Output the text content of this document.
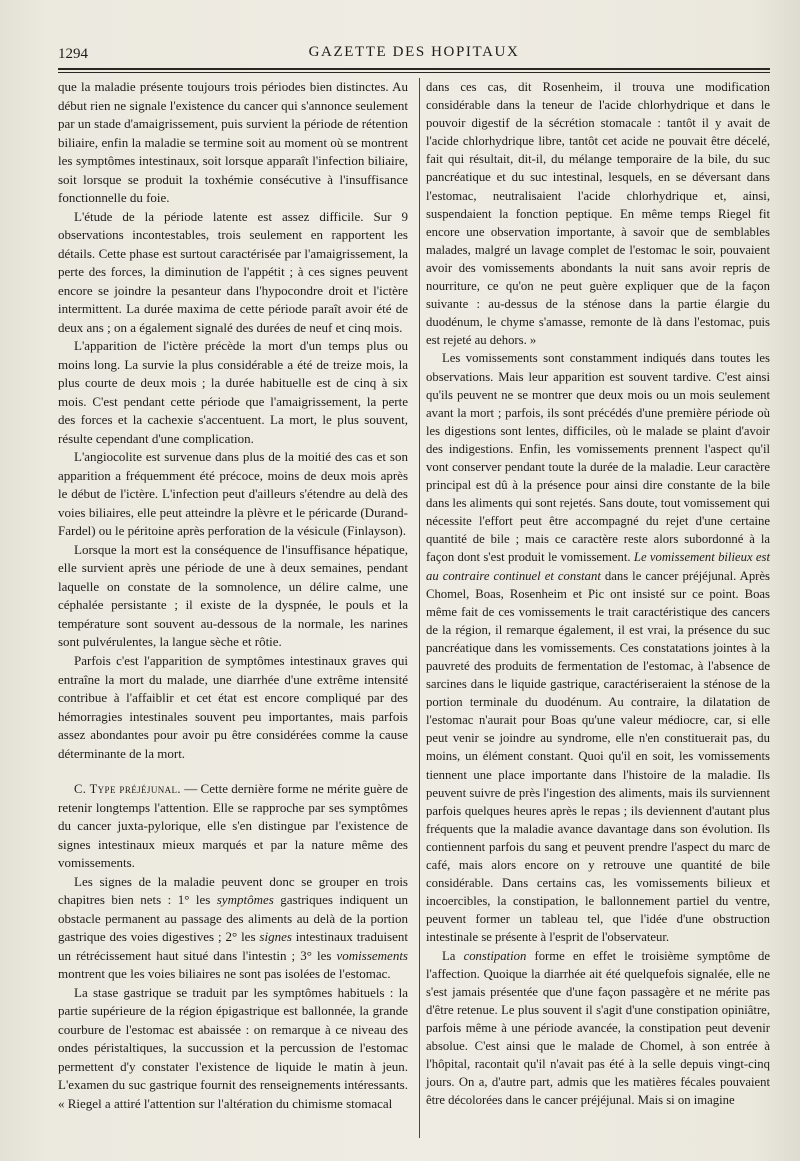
1294	GAZETTE DES HOPITAUX

que la maladie présente toujours trois périodes bien distinctes. Au début rien ne signale l'existence du cancer qui s'annonce seulement par un stade d'amaigrissement, puis survient la période de rétention biliaire, enfin la maladie se termine soit au moment où se montrent les symptômes intestinaux, soit lorsque apparaît l'infection biliaire, soit lorsque se produit la toxhémie consécutive à l'insuffisance fonctionnelle du foie.

L'étude de la période latente est assez difficile. Sur 9 observations incontestables, trois seulement en rapportent les détails. Cette phase est surtout caractérisée par l'amaigrissement, la perte des forces, la diminution de l'appétit ; à ces signes peuvent encore se joindre la pesanteur dans l'hypocondre droit et l'ictère intermittent. La durée maxima de cette période paraît avoir été de deux ans ; on a également signalé des durées de neuf et cinq mois.

L'apparition de l'ictère précède la mort d'un temps plus ou moins long. La survie la plus considérable a été de treize mois, la plus courte de deux mois ; la durée habituelle est de cinq à six mois. C'est pendant cette période que l'amaigrissement, la perte des forces et la cachexie s'accentuent. La mort, le plus souvent, résulte cependant d'une complication.

L'angiocolite est survenue dans plus de la moitié des cas et son apparition a fréquemment été précoce, moins de deux mois après le début de l'ictère. L'infection peut d'ailleurs s'étendre au delà des voies biliaires, elle peut atteindre la plèvre et le péricarde (Durand-Fardel) ou le péritoine après perforation de la vésicule (Finlayson).

Lorsque la mort est la conséquence de l'insuffisance hépatique, elle survient après une période de une à deux semaines, pendant laquelle on constate de la somnolence, un délire calme, une céphalée persistante ; il existe de la dyspnée, le pouls et la température sont souvent au-dessous de la normale, les narines sont pulvérulentes, la langue sèche et rôtie.

Parfois c'est l'apparition de symptômes intestinaux graves qui entraîne la mort du malade, une diarrhée d'une extrême intensité contribue à l'affaiblir et cet état est encore compliqué par des hémorragies intestinales souvent peu importantes, mais parfois assez abondantes pour avoir pu être considérées comme la cause déterminante de la mort.

C. Type préjéjunal. — Cette dernière forme ne mérite guère de retenir longtemps l'attention. Elle se rapproche par ses symptômes du cancer juxta-pylorique, elle s'en distingue par l'existence de signes intestinaux mieux marqués et par la nature même des vomissements.

Les signes de la maladie peuvent donc se grouper en trois chapitres bien nets : 1° les symptômes gastriques indiquent un obstacle permanent au passage des aliments au delà de la portion gastrique des voies digestives ; 2° les signes intestinaux traduisent un rétrécissement haut situé dans l'intestin ; 3° les vomissements montrent que les voies biliaires ne sont pas isolées de l'estomac.

La stase gastrique se traduit par les symptômes habituels : la partie supérieure de la région épigastrique est ballonnée, la grande courbure de l'estomac est abaissée : on remarque à ce niveau des ondes péristaltiques, la succussion et la percussion de l'estomac permettent d'y constater l'existence de liquide le matin à jeun. L'examen du suc gastrique fournit des renseignements intéressants. « Riegel a attiré l'attention sur l'altération du chimisme stomacal

dans ces cas, dit Rosenheim, il trouva une modification considérable dans la teneur de l'acide chlorhydrique et dans le pouvoir digestif de la sécrétion stomacale : tantôt il y avait de l'acide chlorhydrique libre, tantôt cet acide ne pouvait être décelé, fait qui résultait, dit-il, du mélange temporaire de la bile, du suc pancréatique et du suc intestinal, lesquels, en se déversant dans l'estomac, neutralisaient l'acide chlorhydrique et, ainsi, suspendaient la fonction peptique. En même temps Riegel fit encore une observation importante, à savoir que de semblables malades, malgré un lavage complet de l'estomac le soir, pouvaient avoir des vomissements abondants la nuit sans avoir repris de nourriture, ce qu'on ne peut guère expliquer que de la façon suivante : au-dessus de la sténose dans la partie élargie du duodénum, le chyme s'amasse, remonte de là dans l'estomac, puis est rejeté au dehors. »

Les vomissements sont constamment indiqués dans toutes les observations. Mais leur apparition est souvent tardive. C'est ainsi qu'ils peuvent ne se montrer que deux mois ou un mois seulement avant la mort ; parfois, ils sont précédés d'une première période où les digestions sont lentes, difficiles, où le malade se plaint d'avoir des indigestions. Enfin, les vomissements prennent l'aspect qu'il vont conserver pendant toute la durée de la maladie. Leur caractère principal est dû à la présence pour ainsi dire constante de la bile dans les aliments qui sont rejetés. Sans doute, tout vomissement qui nécessite l'effort peut être accompagné du rejet d'une certaine quantité de bile ; mais ce caractère reste alors subordonné à la façon dont s'est produit le vomissement. Le vomissement bilieux est au contraire continuel et constant dans le cancer préjéjunal. Après Chomel, Boas, Rosenheim et Pic ont insisté sur ce point. Boas même fait de ces vomissements le trait caractéristique des cancers de la région, il remarque également, il est vrai, la présence du suc pancréatique dans les vomissements. Ces constatations jointes à la pauvreté des produits de fermentation de l'estomac, à l'absence de sarcines dans le liquide gastrique, caractériseraient la sténose de la portion terminale du duodénum. Au contraire, la dilatation de l'estomac n'aurait pour Boas qu'une valeur médiocre, car, si elle peut venir se joindre au syndrome, elle n'en constituerait pas, du moins, un élément constant. Quoi qu'il en soit, les vomissements tiennent une place importante dans l'histoire de la maladie. Ils peuvent suivre de près l'ingestion des aliments, mais ils surviennent parfois quelques heures après le repas ; ils deviennent d'autant plus fréquents que la maladie avance davantage dans son évolution. Ils contiennent parfois du sang et peuvent prendre l'aspect du marc de café, mais alors encore on y retrouve une quantité de bile considérable. Dans certains cas, les vomissements bilieux et incoercibles, la constipation, le ballonnement partiel du ventre, peuvent former un tableau tel, que l'idée d'une obstruction intestinale se présente à l'esprit de l'observateur.

La constipation forme en effet le troisième symptôme de l'affection. Quoique la diarrhée ait été quelquefois signalée, elle ne s'est jamais présentée que d'une façon passagère et ne mérite pas d'être retenue. Le plus souvent il s'agit d'une constipation opiniâtre, parfois même à une période avancée, la constipation peut devenir absolue. C'est ainsi que le malade de Chomel, à son entrée à l'hôpital, racontait qu'il n'avait pas été à la selle depuis vingt-cinq jours. On a, d'autre part, admis que les matières fécales pouvaient être décolorées dans le cancer préjéjunal. Mais si on imagine
